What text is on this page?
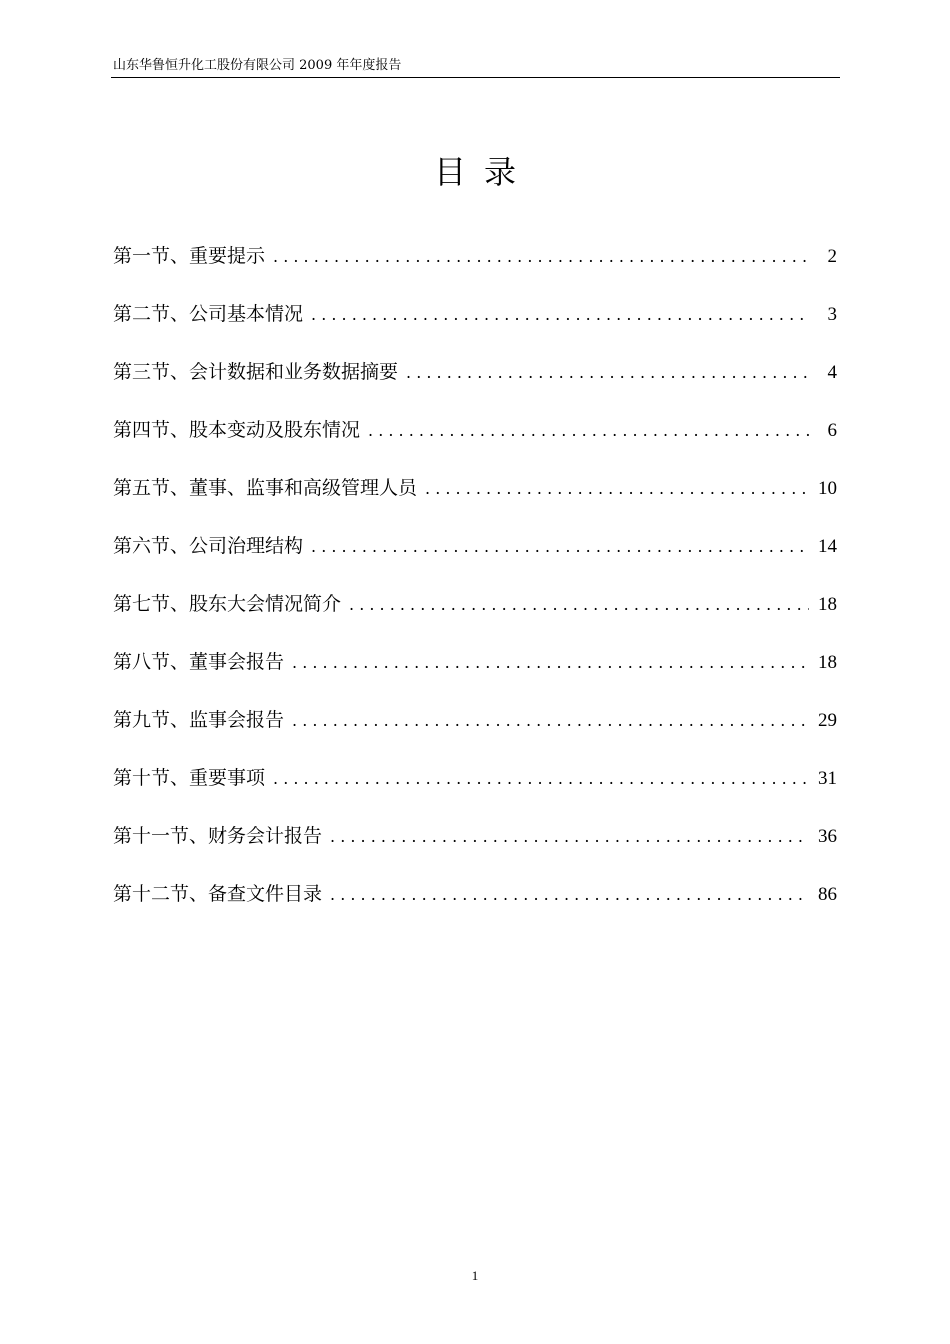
山东华鲁恒升化工股份有限公司 2009 年年度报告
目录
第一节、重要提示 . . .	2
第二节、公司基本情况 . . .	3
第三节、会计数据和业务数据摘要 . . .	4
第四节、股本变动及股东情况 . . .	6
第五节、董事、监事和高级管理人员 . . .	10
第六节、公司治理结构 . . .	14
第七节、股东大会情况简介 . . .	18
第八节、董事会报告 . . .	18
第九节、监事会报告 . . .	29
第十节、重要事项 . . .	31
第十一节、财务会计报告 . . .	36
第十二节、备查文件目录 . . .	86
1
